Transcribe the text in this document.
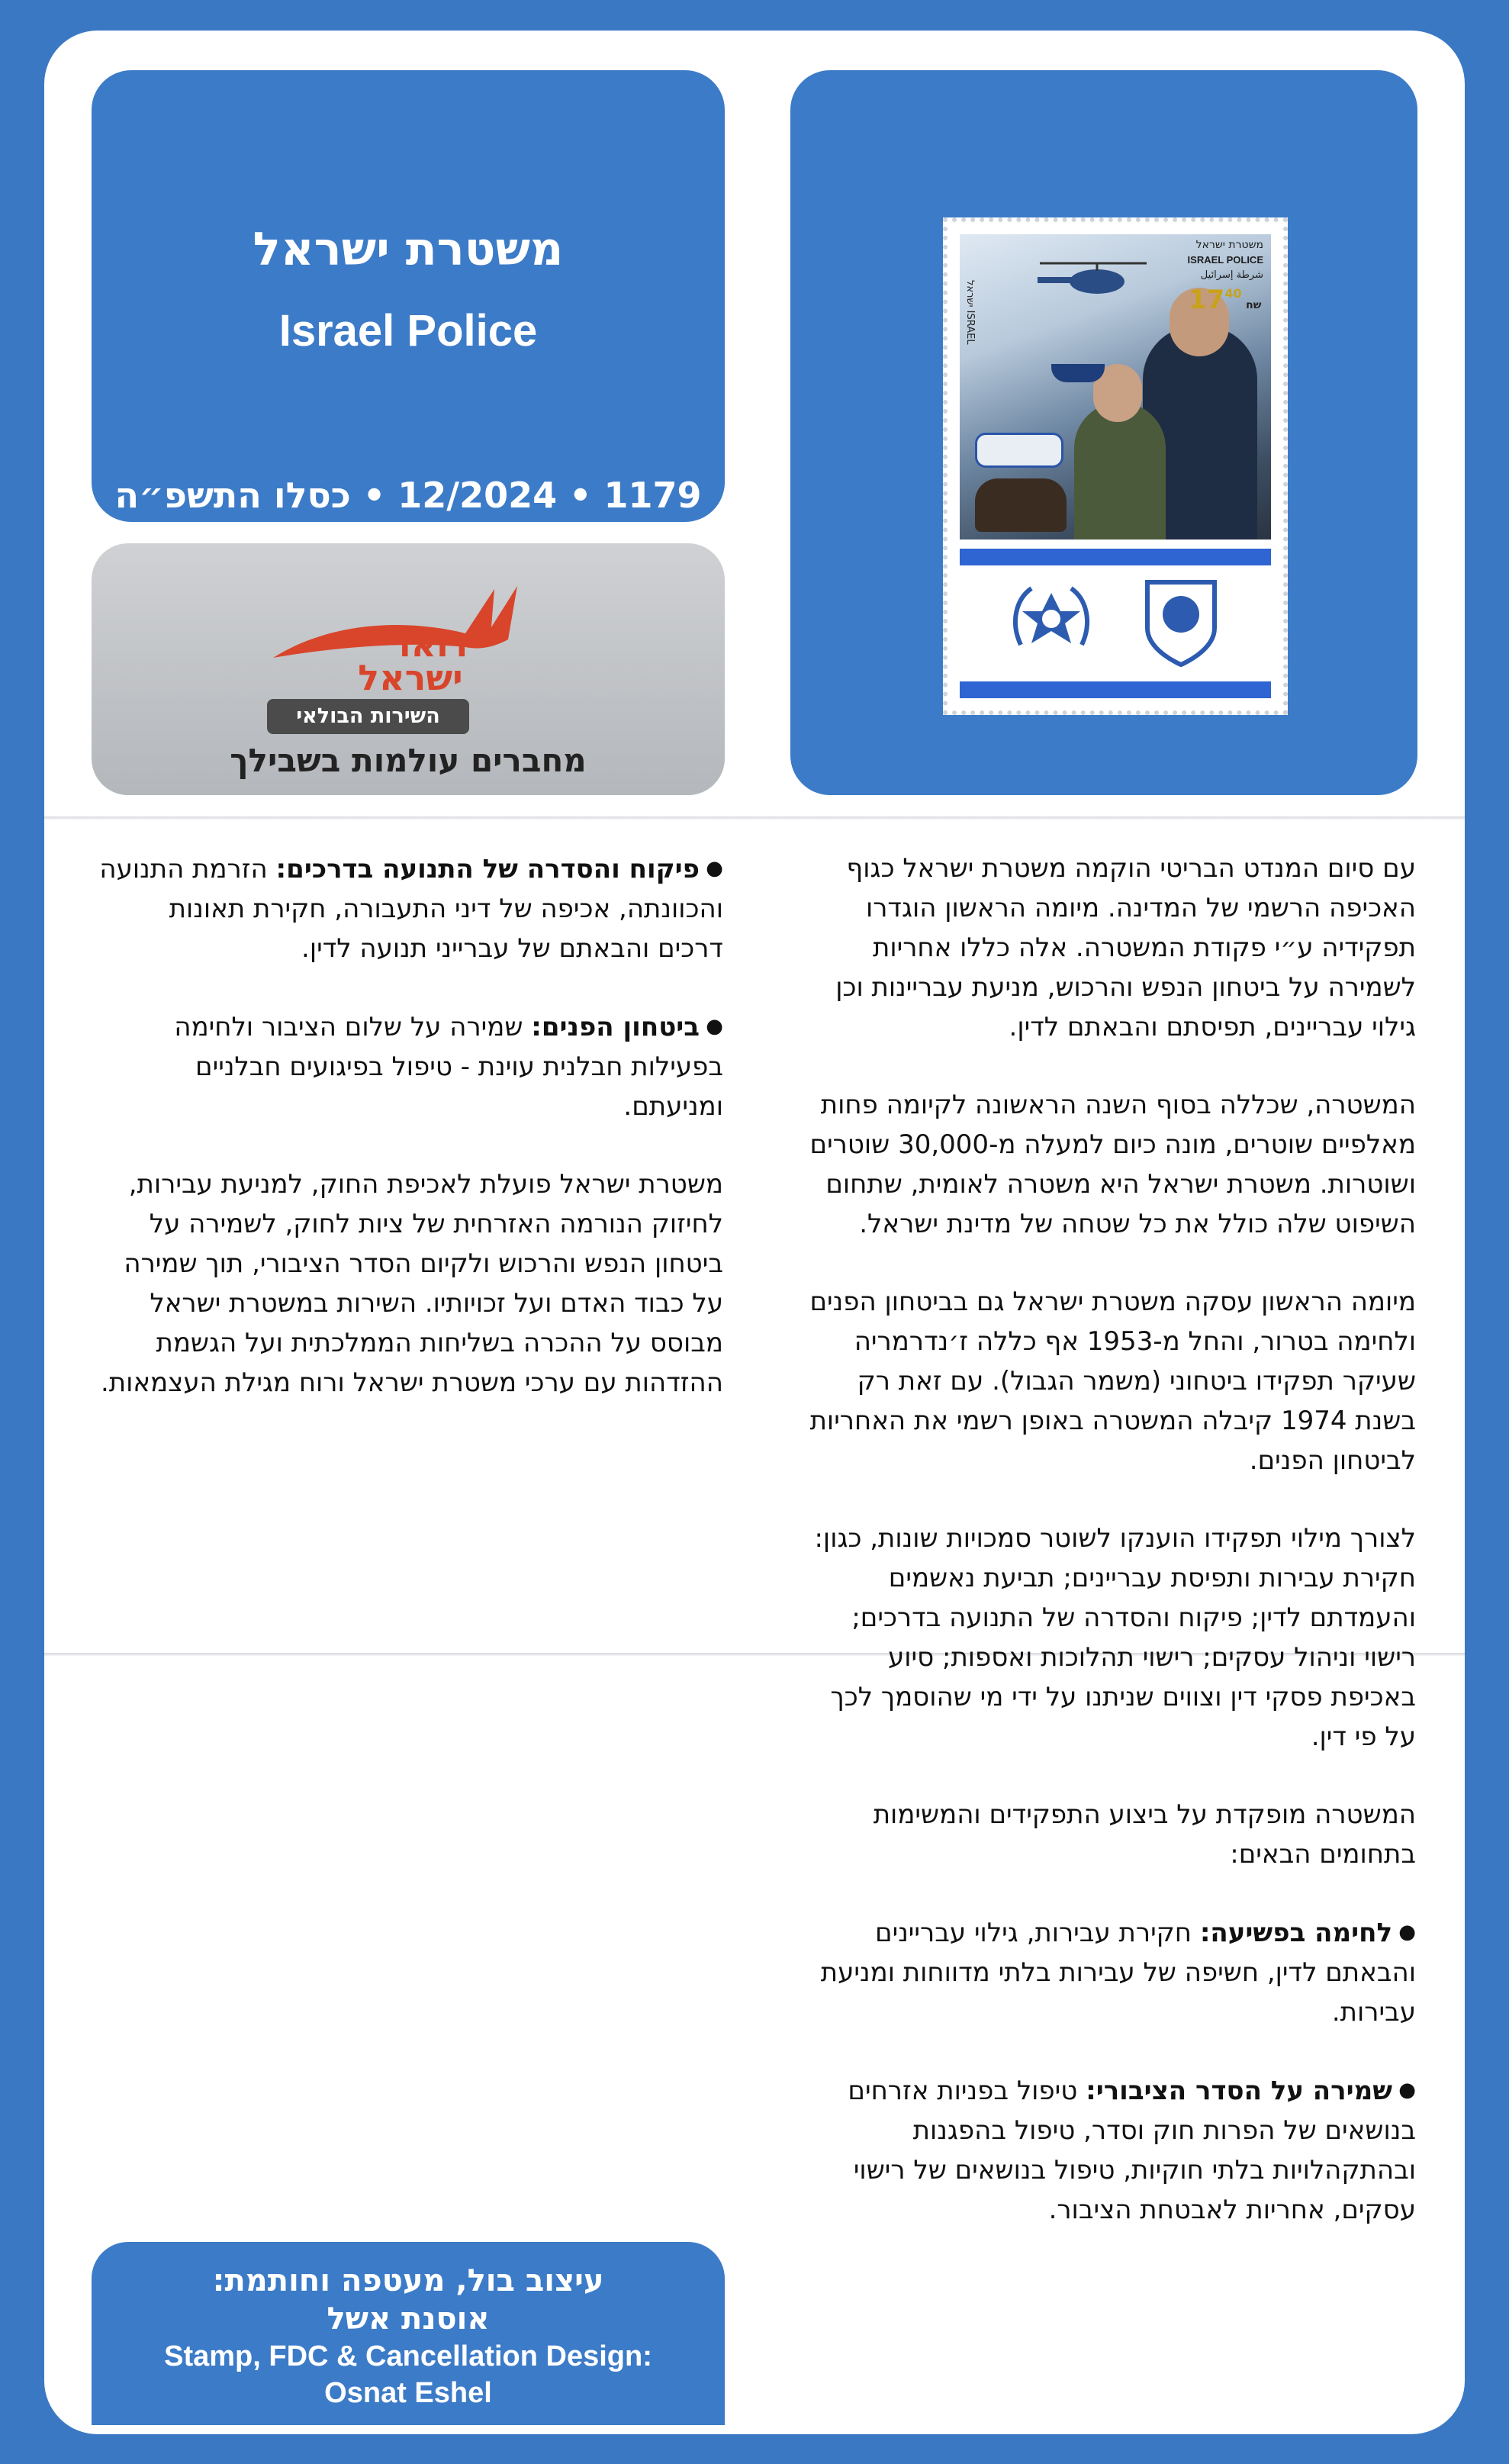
משטרת ישראל
Israel Police
1179 • 12/2024 • כסלו התשפ״ה
דואר
ישראל
השירות הבולאי
מחברים עולמות בשבילך
משטרת ישראל
ISRAEL POLICE
شرطة إسرائيل
1740 שח
ישראל ISRAEL

עם סיום המנדט הבריטי הוקמה משטרת ישראל כגוף האכיפה הרשמי של המדינה. מיומה הראשון הוגדרו תפקידיה ע״י פקודת המשטרה. אלה כללו אחריות לשמירה על ביטחון הנפש והרכוש, מניעת עבריינות וכן גילוי עבריינים, תפיסתם והבאתם לדין.

המשטרה, שכללה בסוף השנה הראשונה לקיומה פחות מאלפיים שוטרים, מונה כיום למעלה מ-30,000 שוטרים ושוטרות. משטרת ישראל היא משטרה לאומית, שתחום השיפוט שלה כולל את כל שטחה של מדינת ישראל.

מיומה הראשון עסקה משטרת ישראל גם בביטחון הפנים ולחימה בטרור, והחל מ-1953 אף כללה ז׳נדרמריה שעיקר תפקידו ביטחוני (משמר הגבול). עם זאת רק בשנת 1974 קיבלה המשטרה באופן רשמי את האחריות לביטחון הפנים.

לצורך מילוי תפקידו הוענקו לשוטר סמכויות שונות, כגון: חקירת עבירות ותפיסת עבריינים; תביעת נאשמים והעמדתם לדין; פיקוח והסדרה של התנועה בדרכים; רישוי וניהול עסקים; רישוי תהלוכות ואספות; סיוע באכיפת פסקי דין וצווים שניתנו על ידי מי שהוסמך לכך על פי דין.

המשטרה מופקדת על ביצוע התפקידים והמשימות בתחומים הבאים:

● לחימה בפשיעה: חקירת עבירות, גילוי עבריינים והבאתם לדין, חשיפה של עבירות בלתי מדווחות ומניעת עבירות.

● שמירה על הסדר הציבורי: טיפול בפניות אזרחים בנושאים של הפרות חוק וסדר, טיפול בהפגנות ובהתקהלויות בלתי חוקיות, טיפול בנושאים של רישוי עסקים, אחריות לאבטחת הציבור.

● פיקוח והסדרה של התנועה בדרכים: הזרמת התנועה והכוונתה, אכיפה של דיני התעבורה, חקירת תאונות דרכים והבאתם של עברייני תנועה לדין.

● ביטחון הפנים: שמירה על שלום הציבור ולחימה בפעילות חבלנית עוינת - טיפול בפיגועים חבלניים ומניעתם.

משטרת ישראל פועלת לאכיפת החוק, למניעת עבירות, לחיזוק הנורמה האזרחית של ציות לחוק, לשמירה על ביטחון הנפש והרכוש ולקיום הסדר הציבורי, תוך שמירה על כבוד האדם ועל זכויותיו. השירות במשטרת ישראל מבוסס על ההכרה בשליחות הממלכתית ועל הגשמת ההזדהות עם ערכי משטרת ישראל ורוח מגילת העצמאות.

עיצוב בול, מעטפה וחותמת:
אוסנת אשל
Stamp, FDC & Cancellation Design:
Osnat Eshel
